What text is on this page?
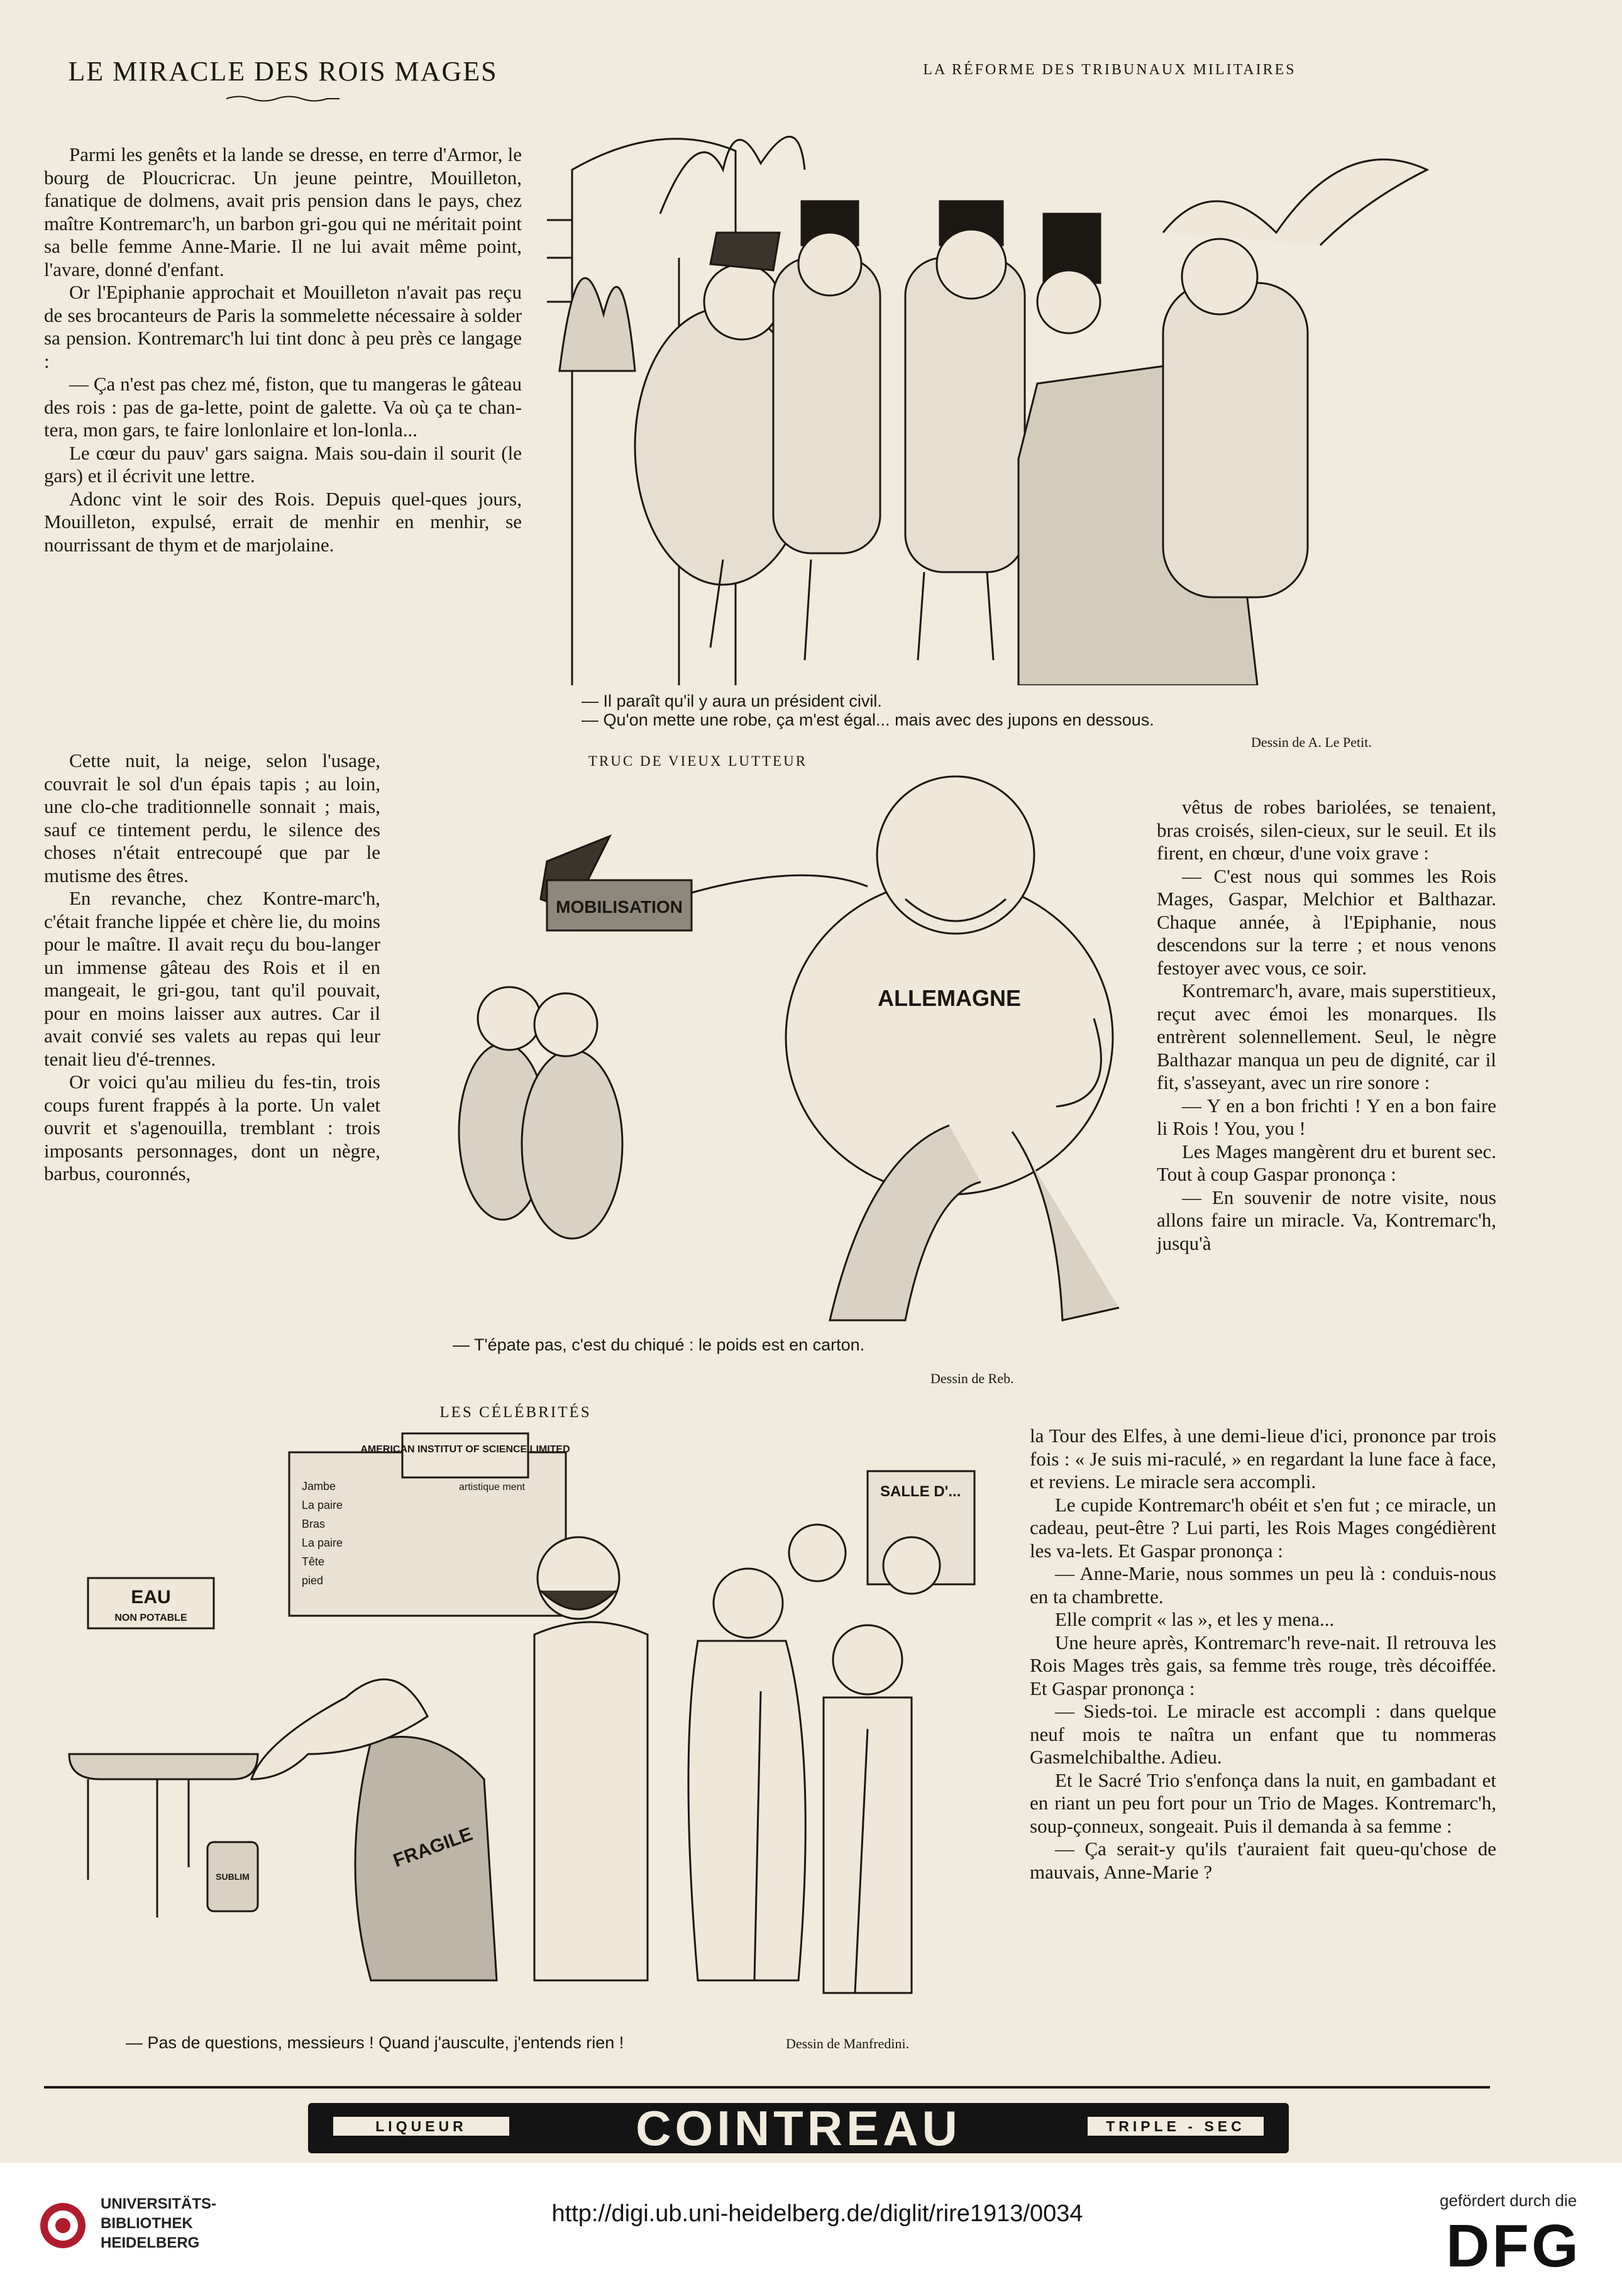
LE MIRACLE DES ROIS MAGES

Parmi les genêts et la lande se dresse, en terre d'Armor, le bourg de Ploucricrac. Un jeune peintre, Mouilleton, fanatique de dolmens, avait pris pension dans le pays, chez maître Kontremarc'h, un barbon gri-gou qui ne méritait point sa belle femme Anne-Marie. Il ne lui avait même point, l'avare, donné d'enfant.

Or l'Epiphanie approchait et Mouilleton n'avait pas reçu de ses brocanteurs de Paris la sommelette nécessaire à solder sa pension. Kontremarc'h lui tint donc à peu près ce langage :

— Ça n'est pas chez mé, fiston, que tu mangeras le gâteau des rois : pas de ga-lette, point de galette. Va où ça te chan-tera, mon gars, te faire lonlonlaire et lon-lonla...

Le cœur du pauv' gars saigna. Mais sou-dain il sourit (le gars) et il écrivit une lettre.

Adonc vint le soir des Rois. Depuis quel-ques jours, Mouilleton, expulsé, errait de menhir en menhir, se nourrissant de thym et de marjolaine.

Cette nuit, la neige, selon l'usage, couvrait le sol d'un épais tapis ; au loin, une clo-che traditionnelle sonnait ; mais, sauf ce tintement perdu, le silence des choses n'était entrecoupé que par le mutisme des êtres.

En revanche, chez Kontre-marc'h, c'était franche lippée et chère lie, du moins pour le maître. Il avait reçu du bou-langer un immense gâteau des Rois et il en mangeait, le gri-gou, tant qu'il pouvait, pour en moins laisser aux autres. Car il avait convié ses valets au repas qui leur tenait lieu d'é-trennes.

Or voici qu'au milieu du fes-tin, trois coups furent frappés à la porte. Un valet ouvrit et s'agenouilla, tremblant : trois imposants personnages, dont un nègre, barbus, couronnés,

LA RÉFORME DES TRIBUNAUX MILITAIRES
— Il paraît qu'il y aura un président civil.
— Qu'on mette une robe, ça m'est égal... mais avec des jupons en dessous.
Dessin de A. Le Petit.
TRUC DE VIEUX LUTTEUR
MOBILISATION
ALLEMAGNE
— T'épate pas, c'est du chiqué : le poids est en carton.
Dessin de Reb.

vêtus de robes bariolées, se tenaient, bras croisés, silen-cieux, sur le seuil. Et ils firent, en chœur, d'une voix grave :

— C'est nous qui sommes les Rois Mages, Gaspar, Melchior et Balthazar. Chaque année, à l'Epiphanie, nous descendons sur la terre ; et nous venons festoyer avec vous, ce soir.

Kontremarc'h, avare, mais superstitieux, reçut avec émoi les monarques. Ils entrèrent solennellement. Seul, le nègre Balthazar manqua un peu de dignité, car il fit, s'asseyant, avec un rire sonore :

— Y en a bon frichti ! Y en a bon faire li Rois ! You, you !

Les Mages mangèrent dru et burent sec. Tout à coup Gaspar prononça :

— En souvenir de notre visite, nous allons faire un miracle. Va, Kontremarc'h, jusqu'à

la Tour des Elfes, à une demi-lieue d'ici, prononce par trois fois : « Je suis mi-raculé, » en regardant la lune face à face, et reviens. Le miracle sera accompli.

Le cupide Kontremarc'h obéit et s'en fut ; ce miracle, un cadeau, peut-être ? Lui parti, les Rois Mages congédièrent les va-lets. Et Gaspar prononça :

— Anne-Marie, nous sommes un peu là : conduis-nous en ta chambrette.

Elle comprit « las », et les y mena...

Une heure après, Kontremarc'h reve-nait. Il retrouva les Rois Mages très gais, sa femme très rouge, très décoiffée. Et Gaspar prononça :

— Sieds-toi. Le miracle est accompli : dans quelque neuf mois te naîtra un enfant que tu nommeras Gasmelchibalthe. Adieu.

Et le Sacré Trio s'enfonça dans la nuit, en gambadant et en riant un peu fort pour un Trio de Mages. Kontremarc'h, soup-çonneux, songeait. Puis il demanda à sa femme :

— Ça serait-y qu'ils t'auraient fait queu-qu'chose de mauvais, Anne-Marie ?

LES CÉLÉBRITÉS
AMERICAN INSTITUT OF SCIENCE LIMITED
Jambe
La paire
Bras
La paire
Tête
pied
artistique ment	SALLE D'...
EAU
NON POTABLE
FRAGILE
SUBLIM
— Pas de questions, messieurs ! Quand j'ausculte, j'entends rien !	Dessin de Manfredini.
LIQUEUR	COINTREAU	TRIPLE - SEC
UNIVERSITÄTS-
BIBLIOTHEK
HEIDELBERG
http://digi.ub.uni-heidelberg.de/diglit/rire1913/0034	gefördert durch die
DFG
